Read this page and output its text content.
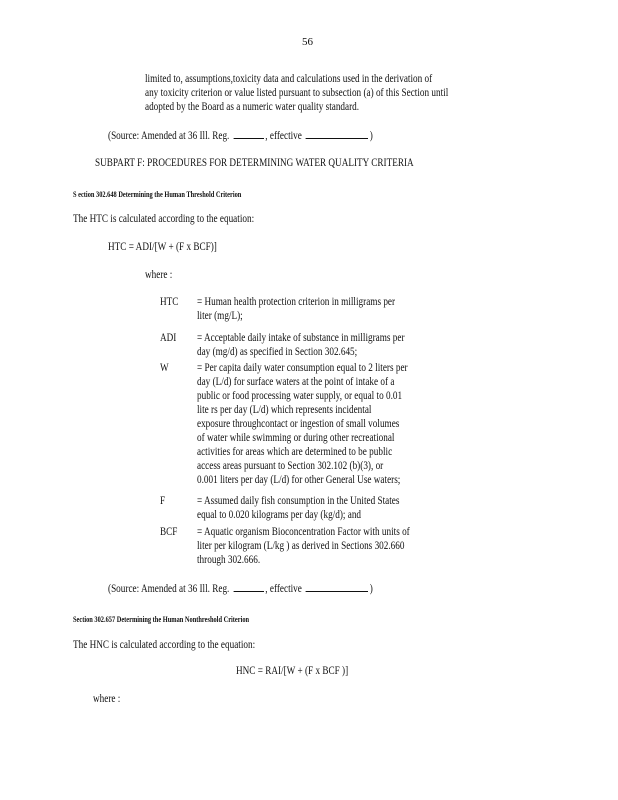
56
limited to, assumptions,toxicity data and calculations used in the derivation of
any toxicity criterion or value listed pursuant to subsection (a) of this Section until
adopted by the Board as a numeric water quality standard.
(Source: Amended at 36 Ill. Reg.	, effective	)
SUBPART F: PROCEDURES FOR DETERMINING WATER QUALITY CRITERIA
S ection 302.648 Determining the Human Threshold Criterion
The HTC is calculated according to the equation:
HTC = ADI/[W + (F x BCF)]
where :
HTC = Human health protection criterion in milligrams per
liter (mg/L);
ADI = Acceptable daily intake of substance in milligrams per
day (mg/d) as specified in Section 302.645;
W = Per capita daily water consumption equal to 2 liters per
day (L/d) for surface waters at the point of intake of a
public or food processing water supply, or equal to 0.01
lite rs per day (L/d) which represents incidental
exposure throughcontact or ingestion of small volumes
of water while swimming or during other recreational
activities for areas which are determined to be public
access areas pursuant to Section 302.102 (b)(3), or
0.001 liters per day (L/d) for other General Use waters;
F	= Assumed daily fish consumption in the United States
equal to 0.020 kilograms per day (kg/d); and
BCF = Aquatic organism Bioconcentration Factor with units of
liter per kilogram (L/kg ) as derived in Sections 302.660
through 302.666.
(Source: Amended at 36 Ill. Reg.	, effective	)
Section 302.657 Determining the Human Nonthreshold Criterion
The HNC is calculated according to the equation:
HNC = RAI/[W + (F x BCF )]
where :
